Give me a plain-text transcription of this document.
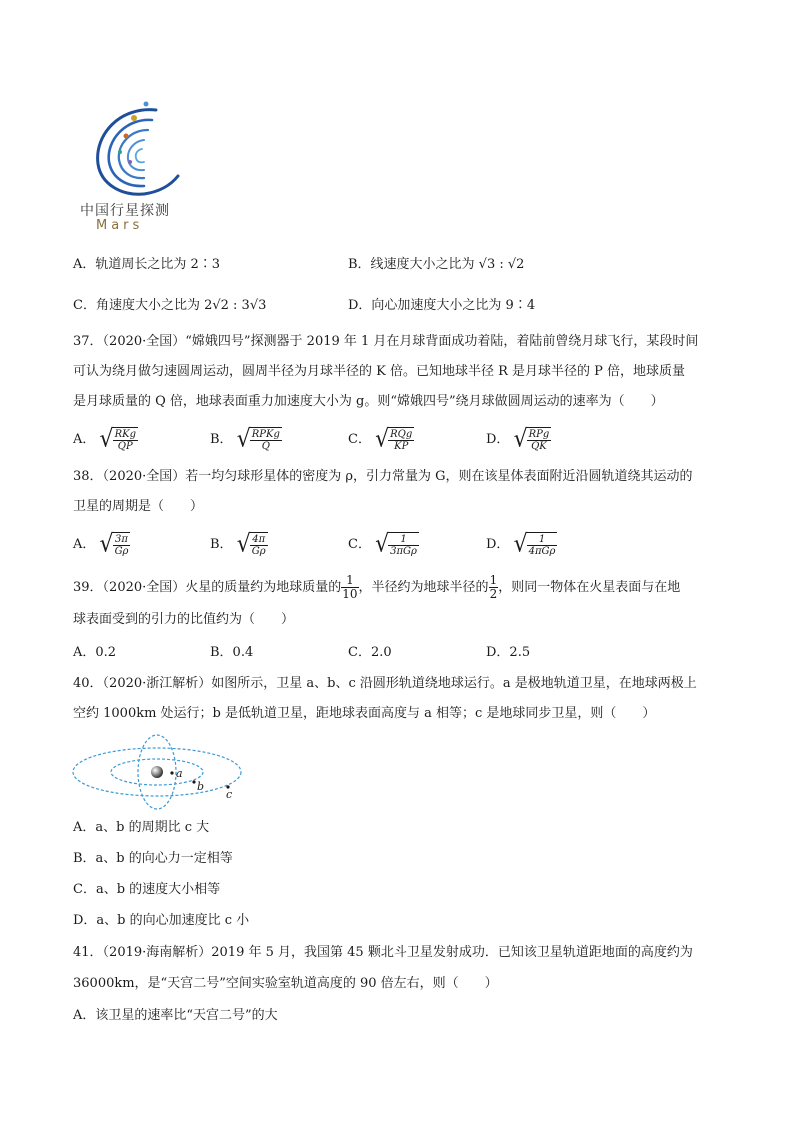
中国行星探测
Mars
A．轨道周长之比为 2∶3	B．线速度大小之比为 √3 : √2
C．角速度大小之比为 2√2 : 3√3	D．向心加速度大小之比为 9∶4
37．（2020·全国）“嫦娥四号”探测器于 2019 年 1 月在月球背面成功着陆，着陆前曾绕月球飞行，某段时间
可认为绕月做匀速圆周运动，圆周半径为月球半径的 K 倍。已知地球半径 R 是月球半径的 P 倍，地球质量
是月球质量的 Q 倍，地球表面重力加速度大小为 g。则“嫦娥四号”绕月球做圆周运动的速率为（　　）
A． √ $\frac{\text{RKg}}{QP}$	B． √ $\frac{\text{RPKg}}{Q}$	C． √ $\frac{\text{RQg}}{KP}$	D． √ $\frac{\text{RPg}}{QK}$
38．（2020·全国）若一均匀球形星体的密度为 ρ，引力常量为 G，则在该星体表面附近沿圆轨道绕其运动的
卫星的周期是（　　）
A． √ $\frac{3\pi}{G\rho}$	B． √ $\frac{4\pi}{G\rho}$	C． √ $\frac{1}{\text{3πGρ}}$	D． √ $\frac{1}{\text{4πGρ}}$
39．（2020·全国）火星的质量约为地球质量的 $\frac{1}{10}$ ，半径约为地球半径的 $\frac{1}{2}$ ，则同一物体在火星表面与在地
球表面受到的引力的比值约为（　　）
A．0.2	B．0.4	C．2.0	D．2.5
40．（2020·浙江解析）如图所示，卫星 a、b、c 沿圆形轨道绕地球运行。a 是极地轨道卫星，在地球两极上
空约 1000km 处运行；b 是低轨道卫星，距地球表面高度与 a 相等；c 是地球同步卫星，则（　　）
a
b
c
A．a、b 的周期比 c 大
B．a、b 的向心力一定相等
C．a、b 的速度大小相等
D．a、b 的向心加速度比 c 小
41．（2019·海南解析）2019 年 5 月，我国第 45 颗北斗卫星发射成功．已知该卫星轨道距地面的高度约为
36000km，是“天宫二号”空间实验室轨道高度的 90 倍左右，则（　　）
A．该卫星的速率比“天宫二号”的大
